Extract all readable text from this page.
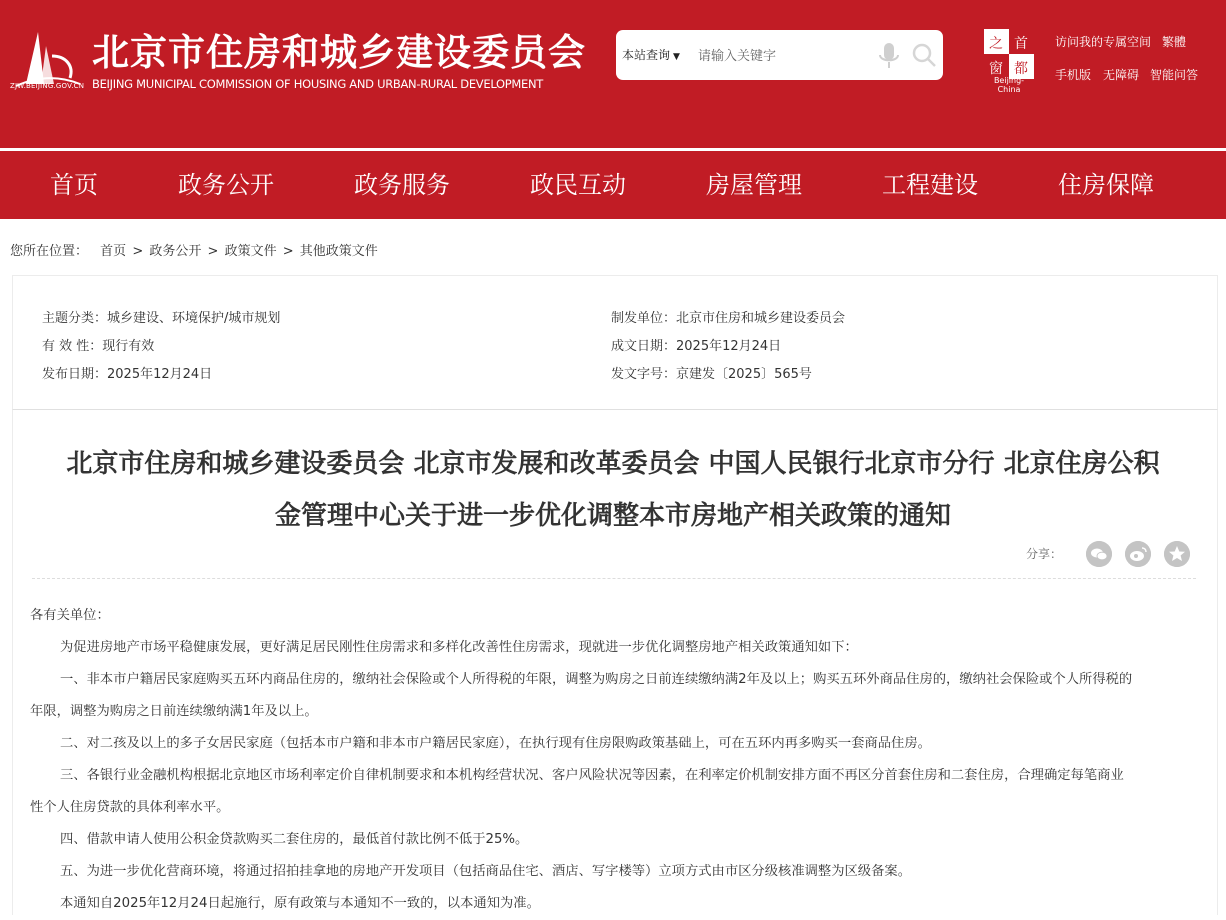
ZJW.BEIJING.GOV.CN
北京市住房和城乡建设委员会
BEIJING MUNICIPAL COMMISSION OF HOUSING AND URBAN-RURAL DEVELOPMENT
本站查询 ▼
请输入关键字
首
都
之
窗
Beijing-China
访问我的专属空间 繁體
手机版 无障碍 智能问答
首页	政务公开	政务服务	政民互动	房屋管理	工程建设	住房保障
您所在位置： 首页 > 政务公开 > 政策文件 > 其他政策文件
主题分类：城乡建设、环境保护/城市规划
有 效 性：现行有效
发布日期：2025年12月24日
制发单位：北京市住房和城乡建设委员会
成文日期：2025年12月24日
发文字号：京建发〔2025〕565号
北京市住房和城乡建设委员会 北京市发展和改革委员会 中国人民银行北京市分行 北京住房公积
金管理中心关于进一步优化调整本市房地产相关政策的通知
分享：
各有关单位：
为促进房地产市场平稳健康发展，更好满足居民刚性住房需求和多样化改善性住房需求，现就进一步优化调整房地产相关政策通知如下：
一、非本市户籍居民家庭购买五环内商品住房的，缴纳社会保险或个人所得税的年限，调整为购房之日前连续缴纳满2年及以上；购买五环外商品住房的，缴纳社会保险或个人所得税的
年限，调整为购房之日前连续缴纳满1年及以上。
二、对二孩及以上的多子女居民家庭（包括本市户籍和非本市户籍居民家庭），在执行现有住房限购政策基础上，可在五环内再多购买一套商品住房。
三、各银行业金融机构根据北京地区市场利率定价自律机制要求和本机构经营状况、客户风险状况等因素，在利率定价机制安排方面不再区分首套住房和二套住房，合理确定每笔商业
性个人住房贷款的具体利率水平。
四、借款申请人使用公积金贷款购买二套住房的，最低首付款比例不低于25%。
五、为进一步优化营商环境，将通过招拍挂拿地的房地产开发项目（包括商品住宅、酒店、写字楼等）立项方式由市区分级核准调整为区级备案。
本通知自2025年12月24日起施行，原有政策与本通知不一致的，以本通知为准。
